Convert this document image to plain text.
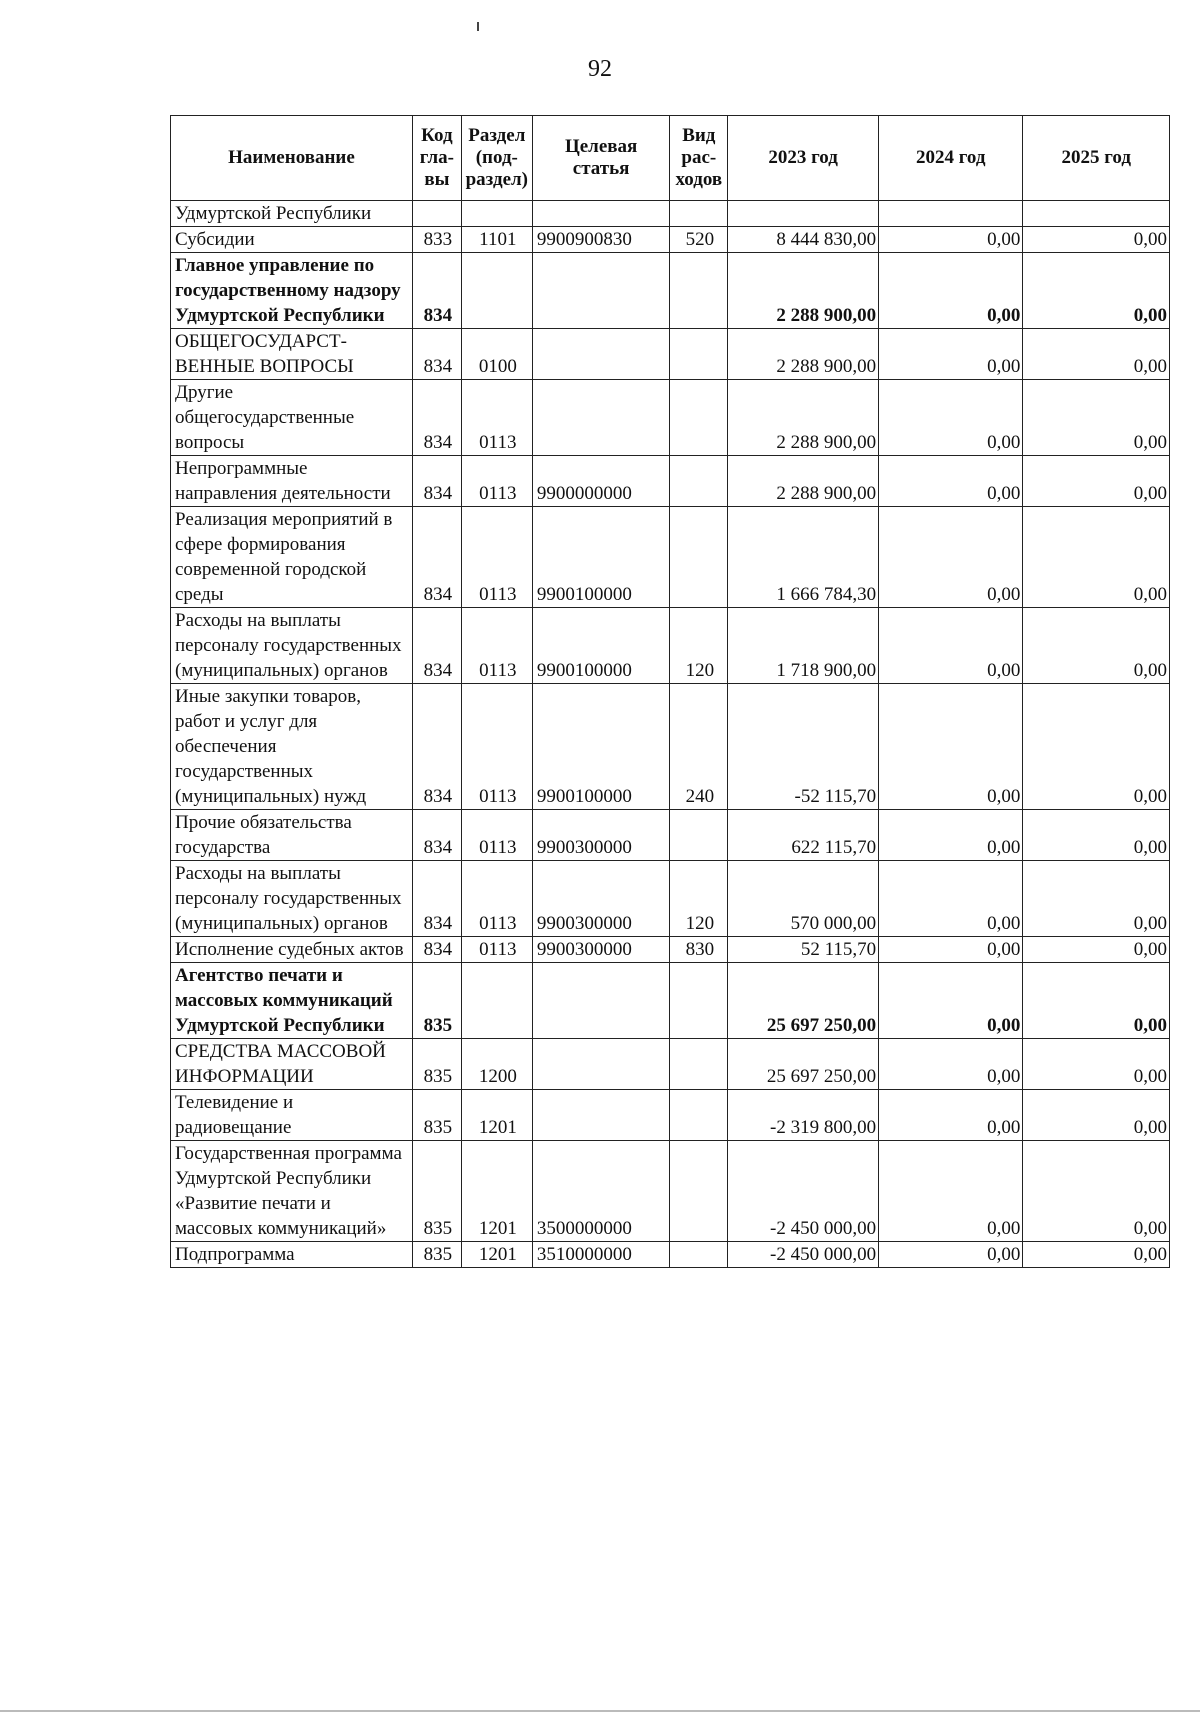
92
Наименование	Код гла-вы	Раздел (под-раздел)	Целевая статья	Вид рас-ходов	2023 год	2024 год	2025 год
Удмуртской Республики							
Субсидии	833	1101	9900900830	520	8 444 830,00	0,00	0,00
Главное управление по государственному надзору Удмуртской Республики	834				2 288 900,00	0,00	0,00
ОБЩЕГОСУДАРСТ-ВЕННЫЕ ВОПРОСЫ	834	0100			2 288 900,00	0,00	0,00
Другие общегосударственные вопросы	834	0113			2 288 900,00	0,00	0,00
Непрограммные направления деятельности	834	0113	9900000000		2 288 900,00	0,00	0,00
Реализация мероприятий в сфере формирования современной городской среды	834	0113	9900100000		1 666 784,30	0,00	0,00
Расходы на выплаты персоналу государственных (муниципальных) органов	834	0113	9900100000	120	1 718 900,00	0,00	0,00
Иные закупки товаров, работ и услуг для обеспечения государственных (муниципальных) нужд	834	0113	9900100000	240	-52 115,70	0,00	0,00
Прочие обязательства государства	834	0113	9900300000		622 115,70	0,00	0,00
Расходы на выплаты персоналу государственных (муниципальных) органов	834	0113	9900300000	120	570 000,00	0,00	0,00
Исполнение судебных актов	834	0113	9900300000	830	52 115,70	0,00	0,00
Агентство печати и массовых коммуникаций Удмуртской Республики	835				25 697 250,00	0,00	0,00
СРЕДСТВА МАССОВОЙ ИНФОРМАЦИИ	835	1200			25 697 250,00	0,00	0,00
Телевидение и радиовещание	835	1201			-2 319 800,00	0,00	0,00
Государственная программа Удмуртской Республики «Развитие печати и массовых коммуникаций»	835	1201	3500000000		-2 450 000,00	0,00	0,00
Подпрограмма	835	1201	3510000000		-2 450 000,00	0,00	0,00
